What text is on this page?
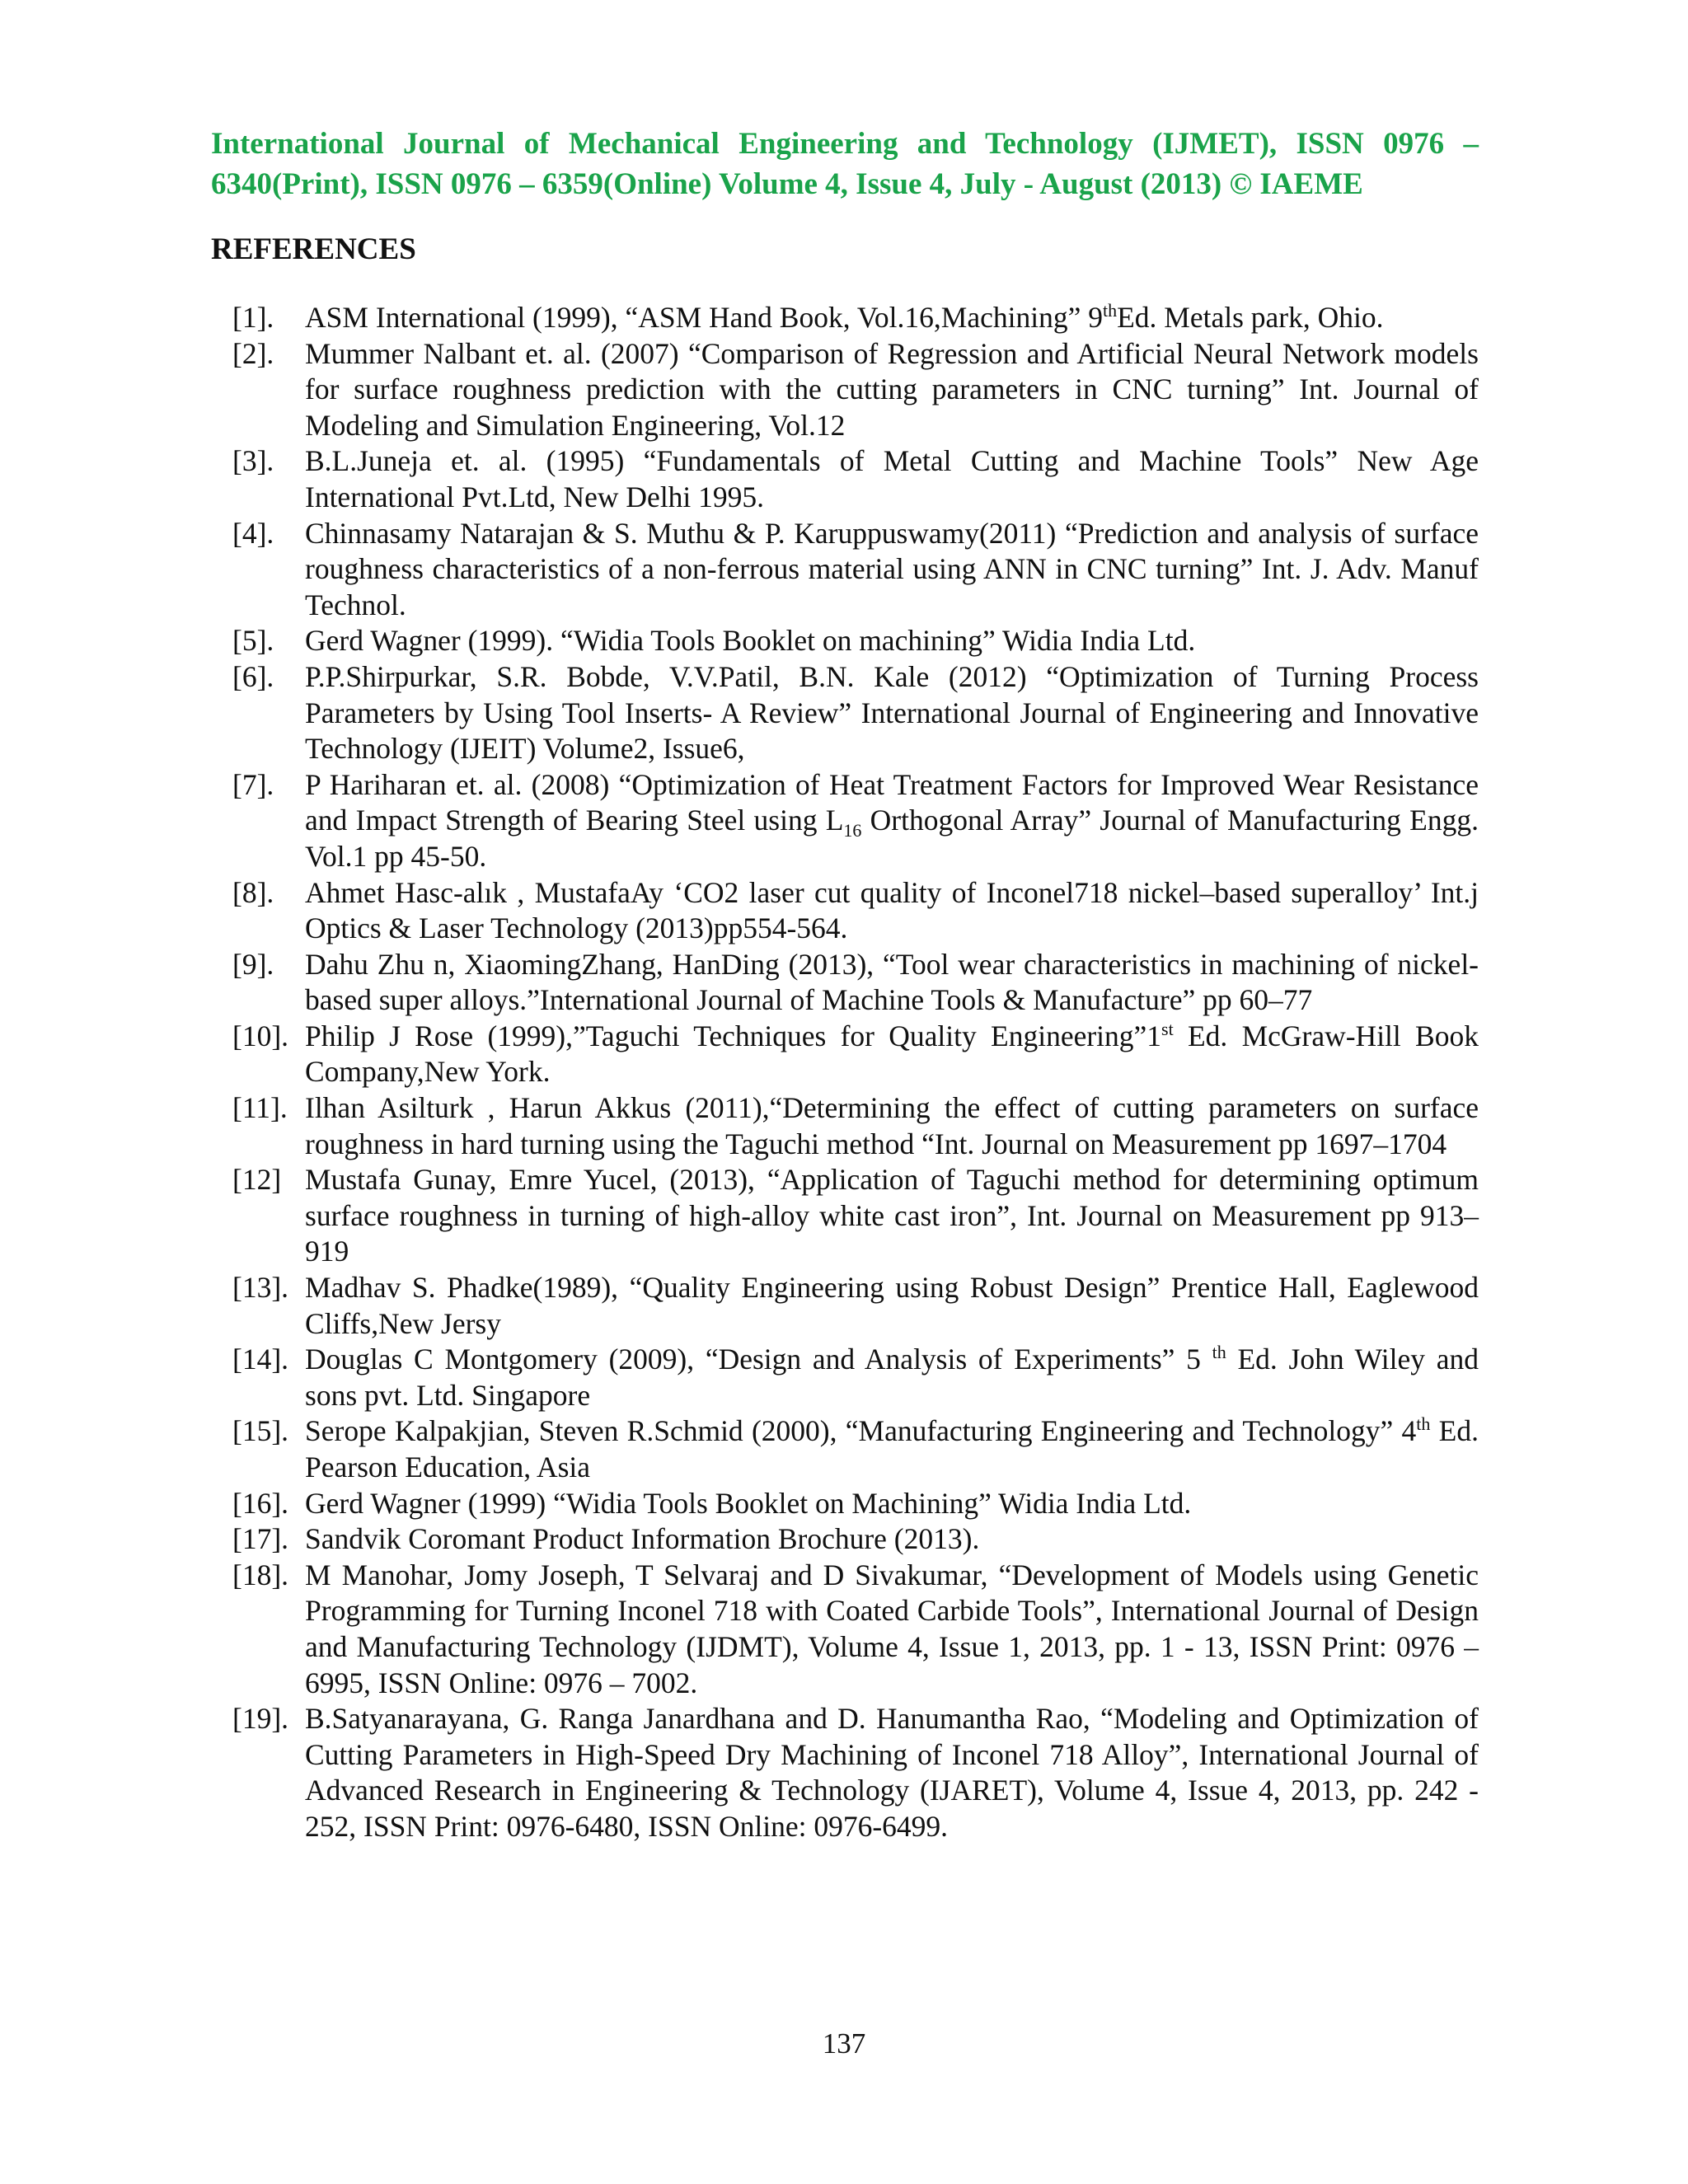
International Journal of Mechanical Engineering and Technology (IJMET), ISSN 0976 – 6340(Print), ISSN 0976 – 6359(Online) Volume 4, Issue 4, July - August (2013) © IAEME
REFERENCES
[1].	ASM International (1999), “ASM Hand Book, Vol.16,Machining” 9thEd. Metals park, Ohio.
[2].	Mummer Nalbant et. al. (2007) “Comparison of Regression and Artificial Neural Network models for surface roughness prediction with the cutting parameters in CNC turning” Int. Journal of Modeling and Simulation Engineering, Vol.12
[3].	B.L.Juneja et. al. (1995) “Fundamentals of Metal Cutting and Machine Tools” New Age International Pvt.Ltd, New Delhi 1995.
[4].	Chinnasamy Natarajan & S. Muthu & P. Karuppuswamy(2011) “Prediction and analysis of surface roughness characteristics of a non-ferrous material using ANN in CNC turning” Int. J. Adv. Manuf Technol.
[5].	Gerd Wagner (1999). “Widia Tools Booklet on machining” Widia India Ltd.
[6].	P.P.Shirpurkar, S.R. Bobde, V.V.Patil, B.N. Kale (2012) “Optimization of Turning Process Parameters by Using Tool Inserts- A Review” International Journal of Engineering and Innovative Technology (IJEIT) Volume2, Issue6,
[7].	P Hariharan et. al. (2008) “Optimization of Heat Treatment Factors for Improved Wear Resistance and Impact Strength of Bearing Steel using $L_{16}$ Orthogonal Array” Journal of Manufacturing Engg. Vol.1 pp 45-50.
[8].	Ahmet Hasc-alık , MustafaAy ‘CO2 laser cut quality of Inconel718 nickel–based superalloy’ Int.j Optics & Laser Technology (2013)pp554-564.
[9].	Dahu Zhu n, XiaomingZhang, HanDing (2013), “Tool wear characteristics in machining of nickel-based super alloys.”International Journal of Machine Tools & Manufacture” pp 60–77
[10]. Philip J Rose (1999),”Taguchi Techniques for Quality Engineering”1st Ed. McGraw-Hill Book Company,New York.
[11]. Ilhan Asilturk , Harun Akkus (2011),“Determining the effect of cutting parameters on surface roughness in hard turning using the Taguchi method “Int. Journal on Measurement pp 1697–1704
[12] Mustafa Gunay, Emre Yucel, (2013), “Application of Taguchi method for determining optimum surface roughness in turning of high-alloy white cast iron”, Int. Journal on Measurement pp 913–919
[13]. Madhav S. Phadke(1989), “Quality Engineering using Robust Design” Prentice Hall, Eaglewood Cliffs,New Jersy
[14]. Douglas C Montgomery (2009), “Design and Analysis of Experiments” 5 $^{th}$ Ed. John Wiley and sons pvt. Ltd. Singapore
[15]. Serope Kalpakjian, Steven R.Schmid (2000), “Manufacturing Engineering and Technology” 4th Ed. Pearson Education, Asia
[16]. Gerd Wagner (1999) “Widia Tools Booklet on Machining” Widia India Ltd.
[17]. Sandvik Coromant Product Information Brochure (2013).
[18]. M Manohar, Jomy Joseph, T Selvaraj and D Sivakumar, “Development of Models using Genetic Programming for Turning Inconel 718 with Coated Carbide Tools”, International Journal of Design and Manufacturing Technology (IJDMT), Volume 4, Issue 1, 2013, pp. 1 - 13, ISSN Print: 0976 – 6995, ISSN Online: 0976 – 7002.
[19]. B.Satyanarayana, G. Ranga Janardhana and D. Hanumantha Rao, “Modeling and Optimization of Cutting Parameters in High-Speed Dry Machining of Inconel 718 Alloy”, International Journal of Advanced Research in Engineering & Technology (IJARET), Volume 4, Issue 4, 2013, pp. 242 - 252, ISSN Print: 0976-6480, ISSN Online: 0976-6499.
137
